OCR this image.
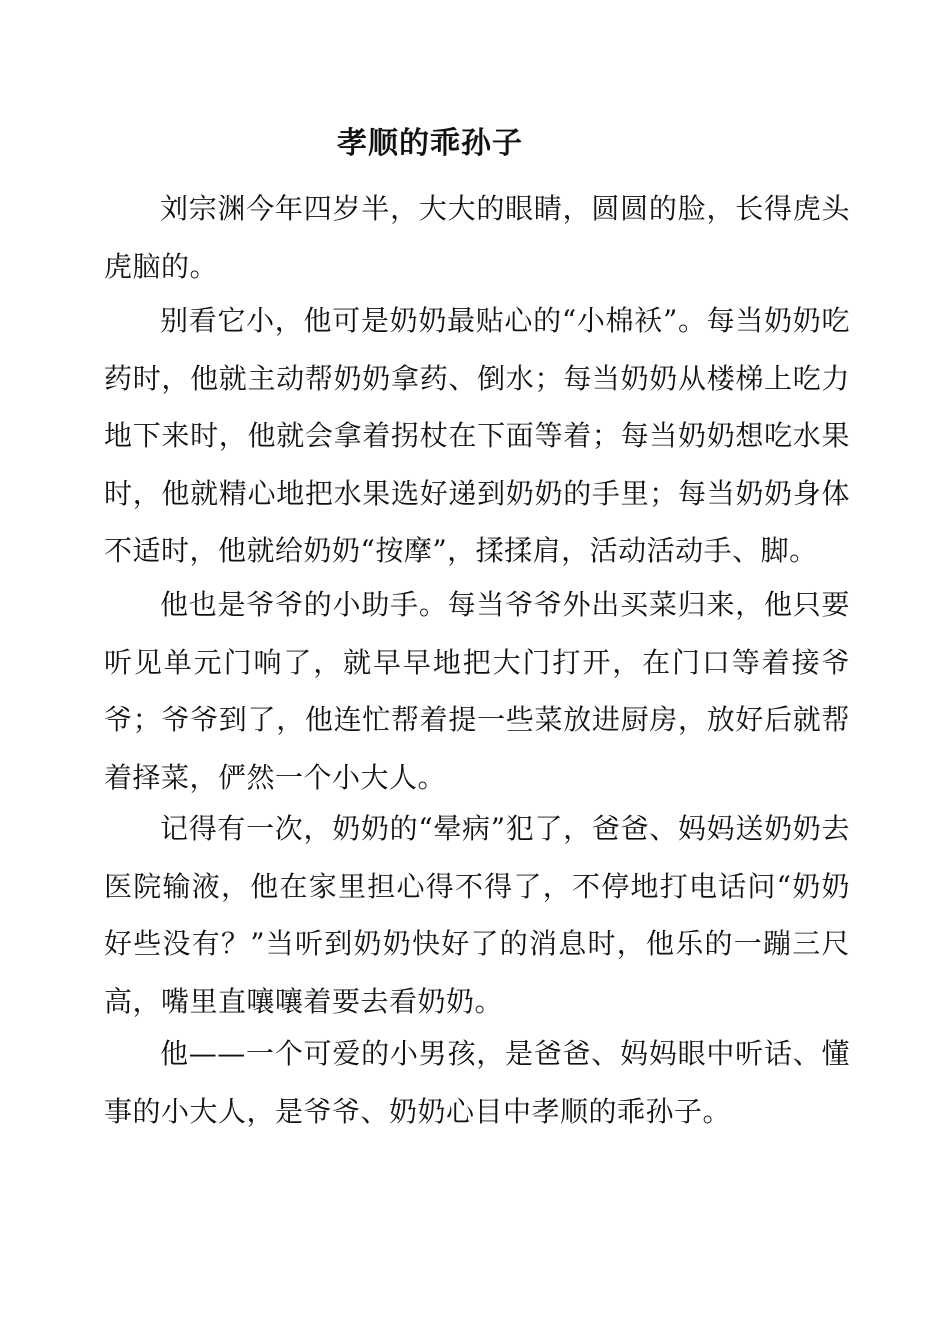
孝顺的乖孙子

刘宗渊今年四岁半，大大的眼睛，圆圆的脸，长得虎头虎脑的。

别看它小，他可是奶奶最贴心的“小棉袄”。每当奶奶吃药时，他就主动帮奶奶拿药、倒水；每当奶奶从楼梯上吃力地下来时，他就会拿着拐杖在下面等着；每当奶奶想吃水果时，他就精心地把水果选好递到奶奶的手里；每当奶奶身体不适时，他就给奶奶“按摩”，揉揉肩，活动活动手、脚。

他也是爷爷的小助手。每当爷爷外出买菜归来，他只要听见单元门响了，就早早地把大门打开，在门口等着接爷爷；爷爷到了，他连忙帮着提一些菜放进厨房，放好后就帮着择菜，俨然一个小大人。

记得有一次，奶奶的“晕病”犯了，爸爸、妈妈送奶奶去医院输液，他在家里担心得不得了，不停地打电话问“奶奶好些没有？”当听到奶奶快好了的消息时，他乐的一蹦三尺高，嘴里直嚷嚷着要去看奶奶。

他——一个可爱的小男孩，是爸爸、妈妈眼中听话、懂事的小大人，是爷爷、奶奶心目中孝顺的乖孙子。
